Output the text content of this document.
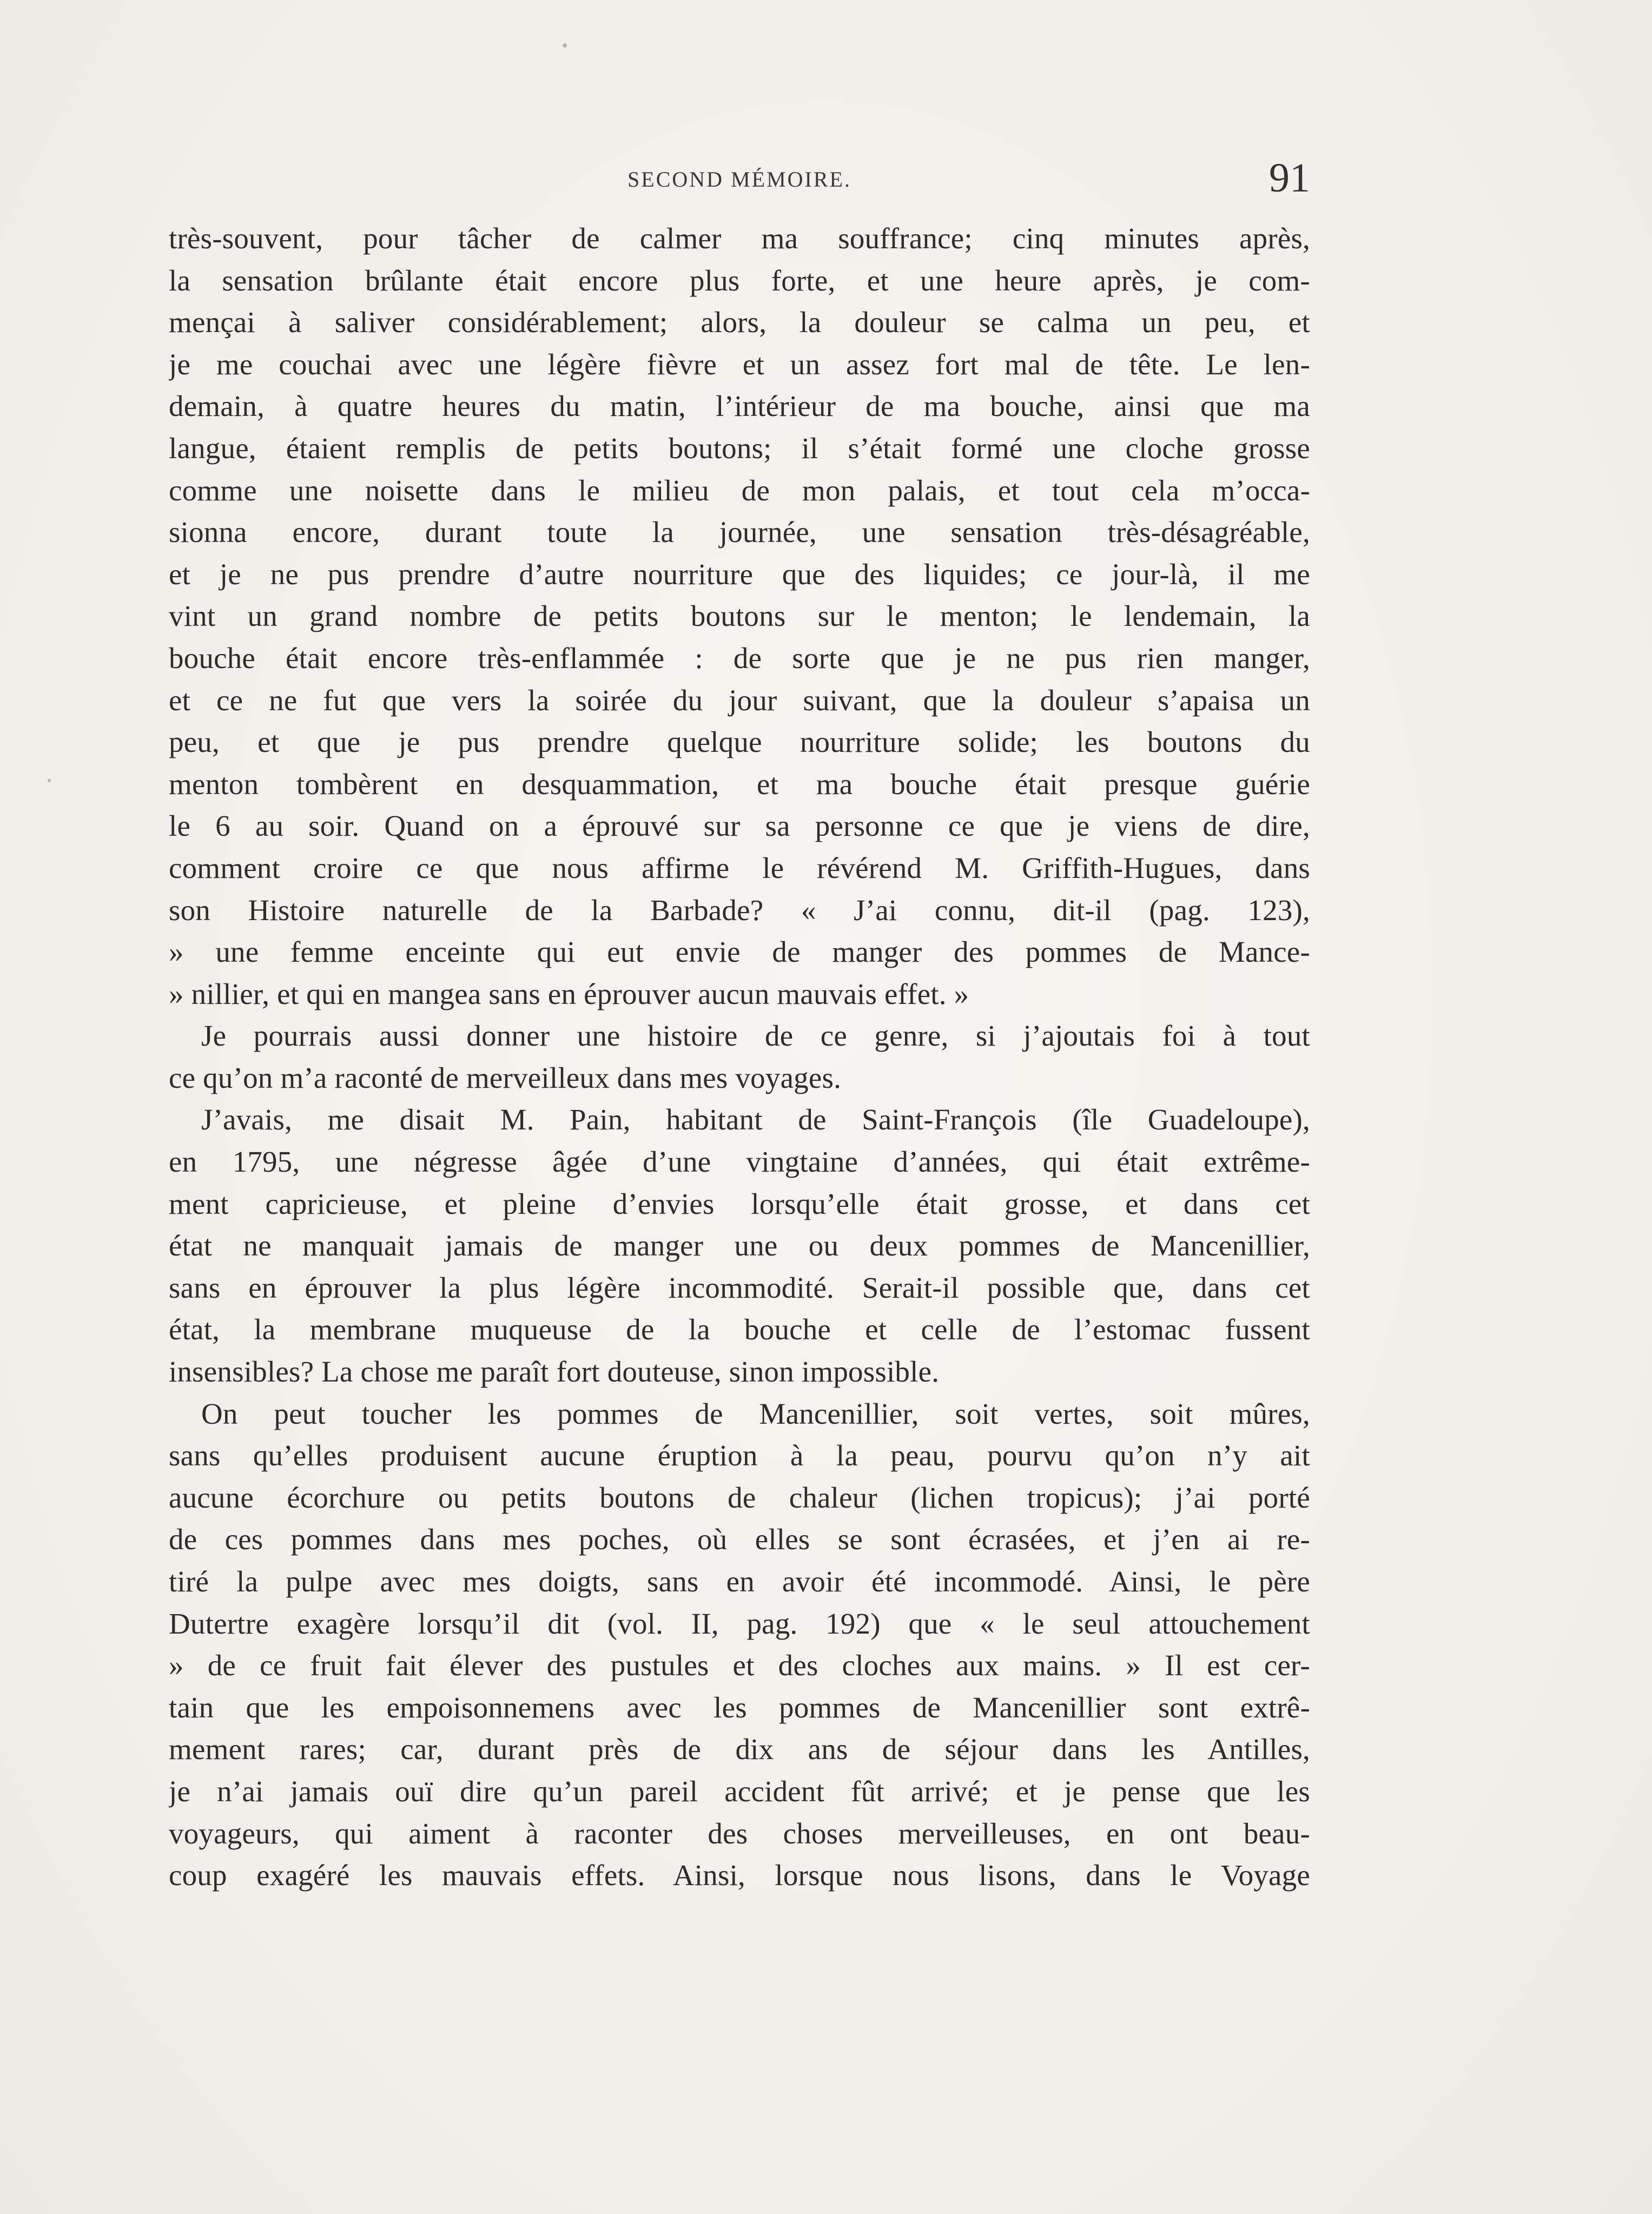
SECOND MÉMOIRE.	91
très-souvent, pour tâcher de calmer ma souffrance; cinq minutes après,
la sensation brûlante était encore plus forte, et une heure après, je com-
mençai à saliver considérablement; alors, la douleur se calma un peu, et
je me couchai avec une légère fièvre et un assez fort mal de tête. Le len-
demain, à quatre heures du matin, l’intérieur de ma bouche, ainsi que ma
langue, étaient remplis de petits boutons; il s’était formé une cloche grosse
comme une noisette dans le milieu de mon palais, et tout cela m’occa-
sionna encore, durant toute la journée, une sensation très-désagréable,
et je ne pus prendre d’autre nourriture que des liquides; ce jour-là, il me
vint un grand nombre de petits boutons sur le menton; le lendemain, la
bouche était encore très-enflammée : de sorte que je ne pus rien manger,
et ce ne fut que vers la soirée du jour suivant, que la douleur s’apaisa un
peu, et que je pus prendre quelque nourriture solide; les boutons du
menton tombèrent en desquammation, et ma bouche était presque guérie
le 6 au soir. Quand on a éprouvé sur sa personne ce que je viens de dire,
comment croire ce que nous affirme le révérend M. Griffith-Hugues, dans
son Histoire naturelle de la Barbade? « J’ai connu, dit-il (pag. 123),
» une femme enceinte qui eut envie de manger des pommes de Mance-
» nillier, et qui en mangea sans en éprouver aucun mauvais effet. »
Je pourrais aussi donner une histoire de ce genre, si j’ajoutais foi à tout
ce qu’on m’a raconté de merveilleux dans mes voyages.
J’avais, me disait M. Pain, habitant de Saint-François (île Guadeloupe),
en 1795, une négresse âgée d’une vingtaine d’années, qui était extrême-
ment capricieuse, et pleine d’envies lorsqu’elle était grosse, et dans cet
état ne manquait jamais de manger une ou deux pommes de Mancenillier,
sans en éprouver la plus légère incommodité. Serait-il possible que, dans cet
état, la membrane muqueuse de la bouche et celle de l’estomac fussent
insensibles? La chose me paraît fort douteuse, sinon impossible.
On peut toucher les pommes de Mancenillier, soit vertes, soit mûres,
sans qu’elles produisent aucune éruption à la peau, pourvu qu’on n’y ait
aucune écorchure ou petits boutons de chaleur (lichen tropicus); j’ai porté
de ces pommes dans mes poches, où elles se sont écrasées, et j’en ai re-
tiré la pulpe avec mes doigts, sans en avoir été incommodé. Ainsi, le père
Dutertre exagère lorsqu’il dit (vol. II, pag. 192) que « le seul attouchement
» de ce fruit fait élever des pustules et des cloches aux mains. » Il est cer-
tain que les empoisonnemens avec les pommes de Mancenillier sont extrê-
mement rares; car, durant près de dix ans de séjour dans les Antilles,
je n’ai jamais ouï dire qu’un pareil accident fût arrivé; et je pense que les
voyageurs, qui aiment à raconter des choses merveilleuses, en ont beau-
coup exagéré les mauvais effets. Ainsi, lorsque nous lisons, dans le Voyage
